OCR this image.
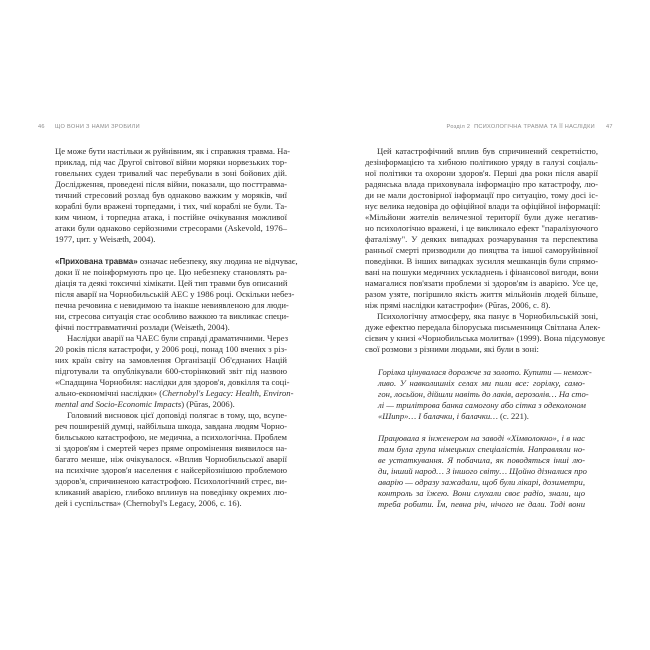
46 ЩО ВОНИ З НАМИ ЗРОБИЛИ	Розділ 2 ПСИХОЛОГІЧНА ТРАВМА ТА ЇЇ НАСЛІДКИ 47
Це може бути настільки ж руйнівним, як і справжня травма. На-
приклад, під час Другої світової війни моряки норвезьких тор-
говельних суден тривалий час перебували в зоні бойових дій.
Дослідження, проведені після війни, показали, що посттравма-
тичний стресовий розлад був однаково важким у моряків, чиї
кораблі були вражені торпедами, і тих, чиї кораблі не були. Та-
ким чином, і торпедна атака, і постійне очікування можливої
атаки були однаково серйозними стресорами (Askevold, 1976–
1977, цит. у Weisæth, 2004).
«Прихована травма» означає небезпеку, яку людина не відчуває,
доки її не поінформують про це. Цю небезпеку становлять ра-
діація та деякі токсичні хімікати. Цей тип травми був описаний
після аварії на Чорнобильській АЕС у 1986 році. Оскільки небез-
печна речовина є невидимою та інакше невиявленою для люди-
ни, стресова ситуація стає особливо важкою та викликає специ-
фічні посттравматичні розлади (Weisæth, 2004).
Наслідки аварії на ЧАЕС були справді драматичними. Через
20 років після катастрофи, у 2006 році, понад 100 вчених з різ-
них країн світу на замовлення Організації Об'єднаних Націй
підготували та опублікували 600-сторінковий звіт під назвою
«Спадщина Чорнобиля: наслідки для здоров'я, довкілля та соці-
ально-економічні наслідки» (Chernobyl's Legacy: Health, Environ-
mental and Socio-Economic Impacts) (Pūras, 2006).
Головний висновок цієї доповіді полягає в тому, що, всупе-
реч поширеній думці, найбільша шкода, завдана людям Чорно-
бильською катастрофою, не медична, а психологічна. Проблем
зі здоров'ям і смертей через пряме опромінення виявилося на-
багато менше, ніж очікувалося. «Вплив Чорнобильської аварії
на психічне здоров'я населення є найсерйознішою проблемою
здоров'я, спричиненою катастрофою. Психологічний стрес, ви-
кликаний аварією, глибоко вплинув на поведінку окремих лю-
дей і суспільства» (Chernobyl's Legacy, 2006, с. 16).
Цей катастрофічний вплив був спричинений секретністю,
дезінформацією та хибною політикою уряду в галузі соціаль-
ної політики та охорони здоров'я. Перші два роки після аварії
радянська влада приховувала інформацію про катастрофу, лю-
ди не мали достовірної інформації про ситуацію, тому досі іс-
нує велика недовіра до офіційної влади та офіційної інформації:
«Мільйони жителів величезної території були дуже негатив-
но психологічно вражені, і це викликало ефект "паралізуючого
фаталізму". У деяких випадках розчарування та перспектива
ранньої смерті призводили до пияцтва та іншої саморуйнівної
поведінки. В інших випадках зусилля мешканців були спрямо-
вані на пошуки медичних ускладнень і фінансової вигоди, вони
намагалися пов'язати проблеми зі здоров'ям із аварією. Усе це,
разом узяте, погіршило якість життя мільйонів людей більше,
ніж прямі наслідки катастрофи» (Pūras, 2006, с. 8).
Психологічну атмосферу, яка панує в Чорнобильській зоні,
дуже ефектно передала білоруська письменниця Світлана Алек-
сієвич у книзі «Чорнобильська молитва» (1999). Вона підсумовує
свої розмови з різними людьми, які були в зоні:
Горілка цінувалася дорожче за золото. Купити — немож-
ливо. У навколишніх селах ми пили все: горілку, само-
гон, лосьйон, дійшли навіть до лаків, аерозолів… На сто-
лі — трилітрова банка самогону або сітка з одеколоном
«Шипр»… І балачки, і балачки… (с. 221).
Працювала я інженером на заводі «Хімволокно», і в нас
там була група німецьких спеціалістів. Направляли но-
ве устаткування. Я побачила, як поводяться інші лю-
ди, інший народ… З іншого світу… Щойно дізналися про
аварію — одразу зажадали, щоб були лікарі, дозиметри,
контроль за їжею. Вони слухали своє радіо, знали, що
треба робити. Їм, певна річ, нічого не дали. Тоді вони
